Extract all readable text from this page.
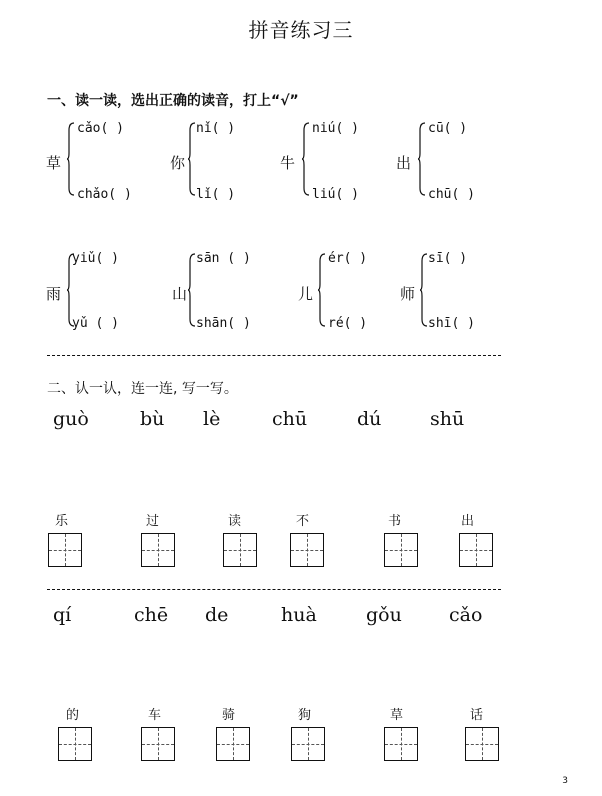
拼音练习三
一、读一读，选出正确的读音，打上“√”
草
cǎo( )
chǎo( )
你
nǐ( )
lǐ( )
牛
niú( )
liú( )
出
cū( )
chū( )
雨
yiǔ( )
yǔ ( )
山
sān ( )
shān( )
儿
ér( )
ré( )
师
sī( )
shī( )
二、认一认，连一连, 写一写。
guò	bù lè	chū	dú	shū
乐	过	读	不	书	出
qí	chē de	huà	gǒu cǎo
的	车	骑	狗	草	话
3
